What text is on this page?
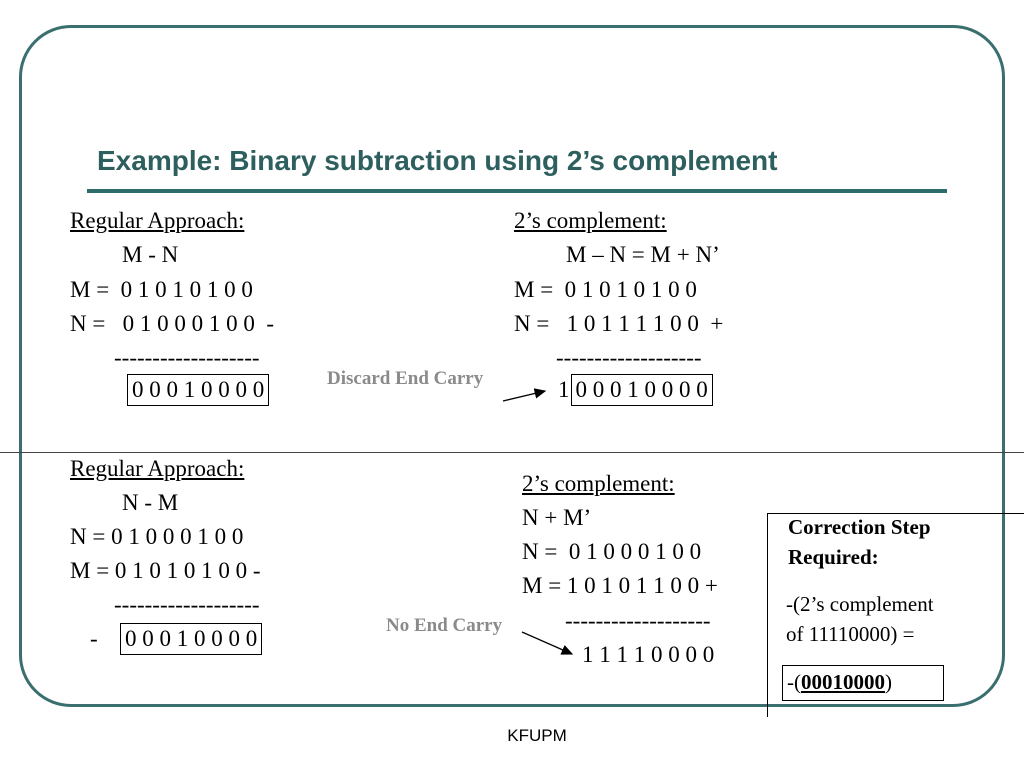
Example: Binary subtraction using 2’s complement
Regular Approach:
M - N
M =  0 1 0 1 0 1 0 0
N =   0 1 0 0 0 1 0 0  -
-------------------
0 0 0 1 0 0 0 0
2’s complement:
M – N = M + N’
M =  0 1 0 1 0 1 0 0
N =   1 0 1 1 1 1 0 0  +
-------------------
1 0 0 0 1 0 0 0 0
Discard End Carry
Regular Approach:
N - M
N = 0 1 0 0 0 1 0 0
M = 0 1 0 1 0 1 0 0 -
-------------------
- 0 0 0 1 0 0 0 0
2’s complement:
N + M’
N =  0 1 0 0 0 1 0 0
M = 1 0 1 0 1 1 0 0 +
-------------------
1 1 1 1 0 0 0 0
No End Carry
Correction Step
Required:
-(2’s complement
of 11110000) =
-(00010000)
KFUPM
